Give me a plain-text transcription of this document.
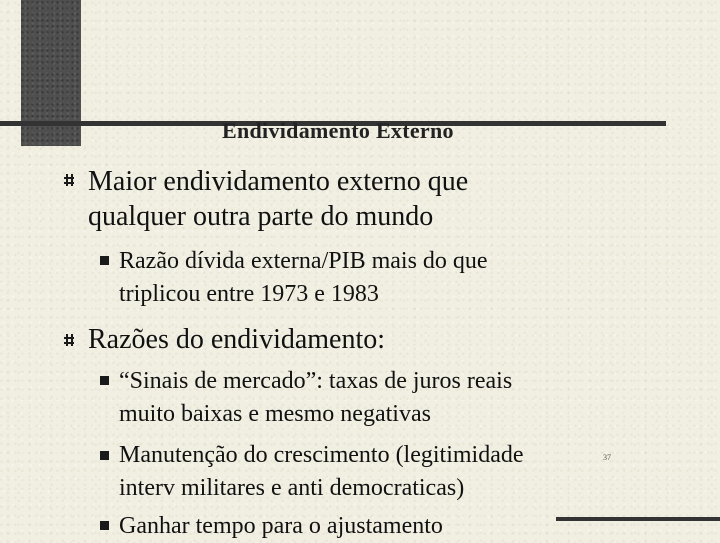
Endividamento Externo
Maior endividamento externo que
qualquer outra parte do mundo
Razão dívida externa/PIB mais do que
triplicou entre 1973 e 1983
Razões do endividamento:
“Sinais de mercado”: taxas de juros reais
muito baixas e mesmo negativas
Manutenção do crescimento (legitimidade
interv militares e anti democraticas)
Ganhar tempo para o ajustamento
37
